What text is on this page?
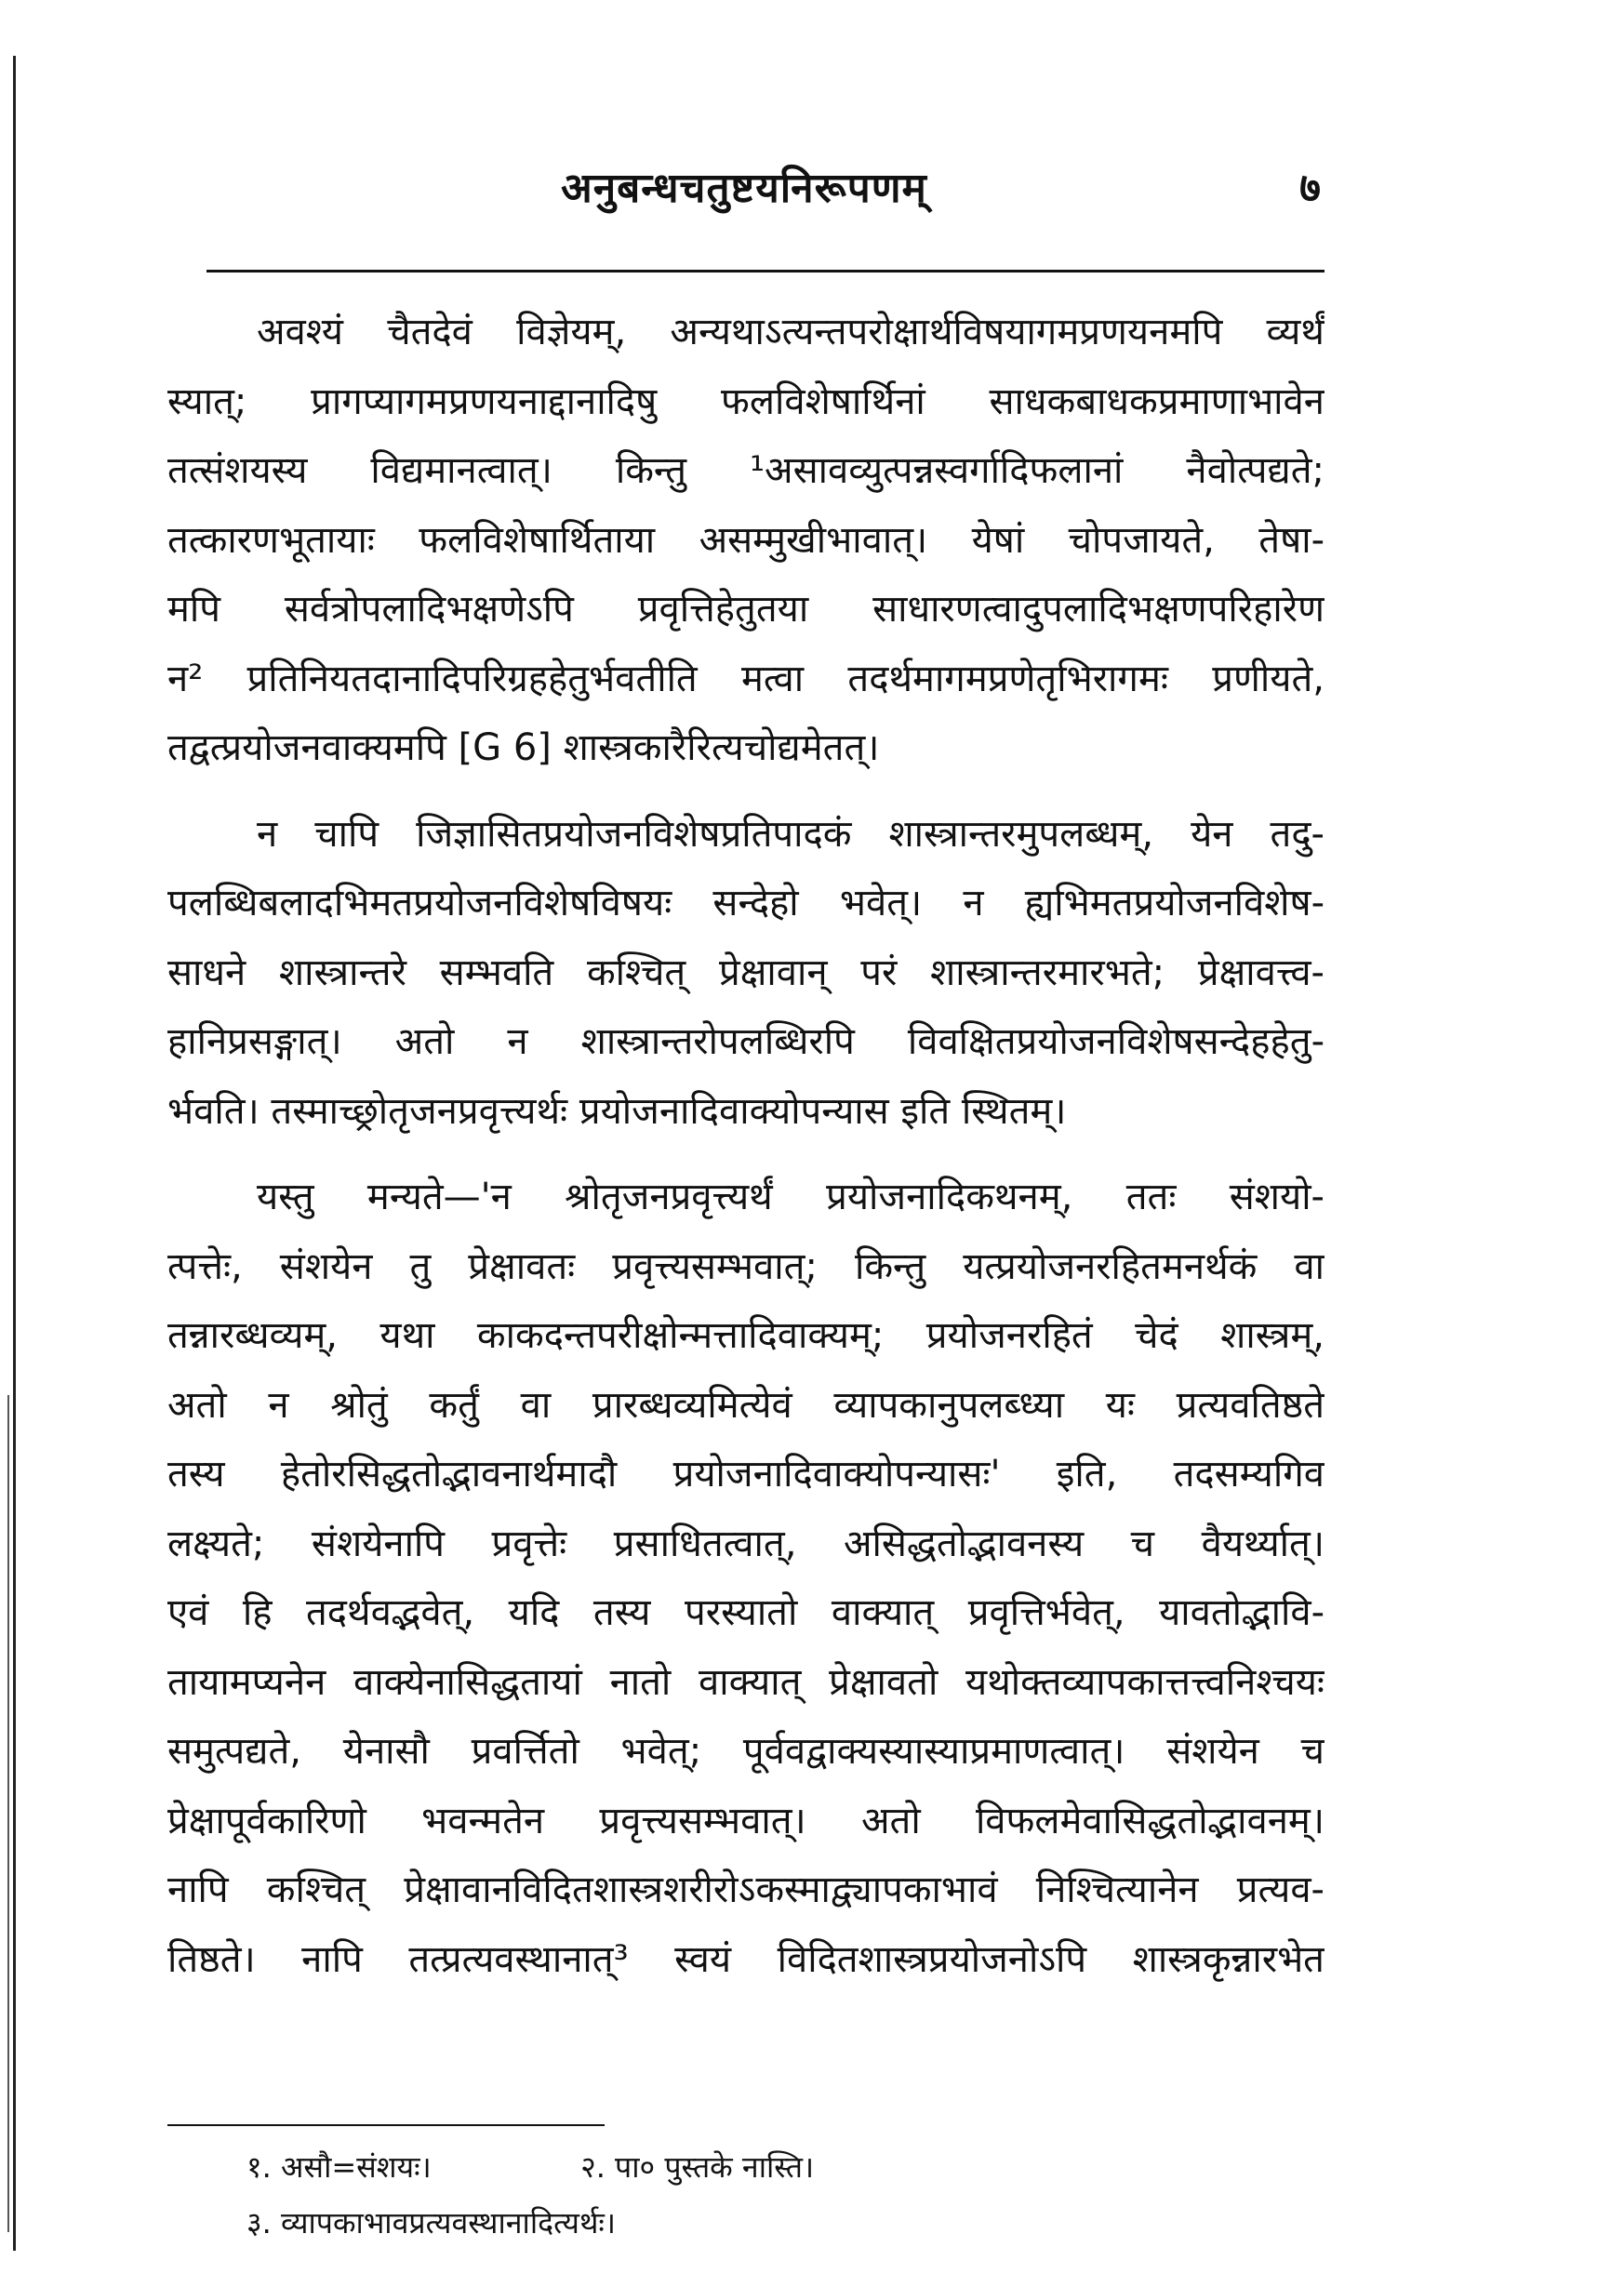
अनुबन्धचतुष्टयनिरूपणम्	७
अवश्यं चैतदेवं विज्ञेयम्, अन्यथाऽत्यन्तपरोक्षार्थविषयागमप्रणयनमपि व्यर्थं
स्यात्; प्रागप्यागमप्रणयनाद्दानादिषु फलविशेषार्थिनां साधकबाधकप्रमाणाभावेन
तत्संशयस्य विद्यमानत्वात्। किन्तु ¹असावव्युत्पन्नस्वर्गादिफलानां नैवोत्पद्यते;
तत्कारणभूतायाः फलविशेषार्थिताया असम्मुखीभावात्। येषां चोपजायते, तेषा-
मपि सर्वत्रोपलादिभक्षणेऽपि प्रवृत्तिहेतुतया साधारणत्वादुपलादिभक्षणपरिहारेण
न² प्रतिनियतदानादिपरिग्रहहेतुर्भवतीति मत्वा तदर्थमागमप्रणेतृभिरागमः प्रणीयते,
तद्वत्प्रयोजनवाक्यमपि [G 6] शास्त्रकारैरित्यचोद्यमेतत्।
न चापि जिज्ञासितप्रयोजनविशेषप्रतिपादकं शास्त्रान्तरमुपलब्धम्, येन तदु-
पलब्धिबलादभिमतप्रयोजनविशेषविषयः सन्देहो भवेत्। न ह्यभिमतप्रयोजनविशेष-
साधने शास्त्रान्तरे सम्भवति कश्चित् प्रेक्षावान् परं शास्त्रान्तरमारभते; प्रेक्षावत्त्व-
हानिप्रसङ्गात्। अतो न शास्त्रान्तरोपलब्धिरपि विवक्षितप्रयोजनविशेषसन्देहहेतु-
र्भवति। तस्माच्छ्रोतृजनप्रवृत्त्यर्थः प्रयोजनादिवाक्योपन्यास इति स्थितम्।
यस्तु मन्यते—'न श्रोतृजनप्रवृत्त्यर्थं प्रयोजनादिकथनम्, ततः संशयो-
त्पत्तेः, संशयेन तु प्रेक्षावतः प्रवृत्त्यसम्भवात्; किन्तु यत्प्रयोजनरहितमनर्थकं वा
तन्नारब्धव्यम्, यथा काकदन्तपरीक्षोन्मत्तादिवाक्यम्; प्रयोजनरहितं चेदं शास्त्रम्,
अतो न श्रोतुं कर्तुं वा प्रारब्धव्यमित्येवं व्यापकानुपलब्ध्या यः प्रत्यवतिष्ठते
तस्य हेतोरसिद्धतोद्भावनार्थमादौ प्रयोजनादिवाक्योपन्यासः' इति, तदसम्यगिव
लक्ष्यते; संशयेनापि प्रवृत्तेः प्रसाधितत्वात्, असिद्धतोद्भावनस्य च वैयर्थ्यात्।
एवं हि तदर्थवद्भवेत्, यदि तस्य परस्यातो वाक्यात् प्रवृत्तिर्भवेत्, यावतोद्भावि-
तायामप्यनेन वाक्येनासिद्धतायां नातो वाक्यात् प्रेक्षावतो यथोक्तव्यापकात्तत्त्वनिश्चयः
समुत्पद्यते, येनासौ प्रवर्त्तितो भवेत्; पूर्ववद्वाक्यस्यास्याप्रमाणत्वात्। संशयेन च
प्रेक्षापूर्वकारिणो भवन्मतेन प्रवृत्त्यसम्भवात्। अतो विफलमेवासिद्धतोद्भावनम्।
नापि कश्चित् प्रेक्षावानविदितशास्त्रशरीरोऽकस्माद्व्यापकाभावं निश्चित्यानेन प्रत्यव-
तिष्ठते। नापि तत्प्रत्यवस्थानात्³ स्वयं विदितशास्त्रप्रयोजनोऽपि शास्त्रकृन्नारभेत
१. असौ=संशयः।	२. पा० पुस्तके नास्ति।
३. व्यापकाभावप्रत्यवस्थानादित्यर्थः।
